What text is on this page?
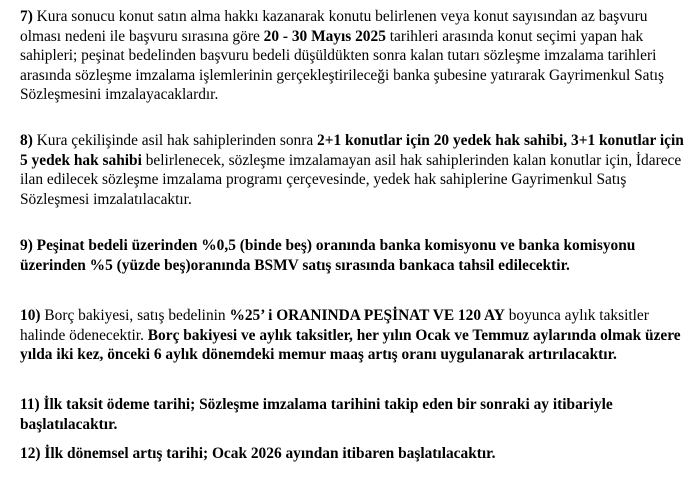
7) Kura sonucu konut satın alma hakkı kazanarak konutu belirlenen veya konut sayısından az başvuru olması nedeni ile başvuru sırasına göre 20 - 30 Mayıs 2025 tarihleri arasında konut seçimi yapan hak sahipleri; peşinat bedelinden başvuru bedeli düşüldükten sonra kalan tutarı sözleşme imzalama tarihleri arasında sözleşme imzalama işlemlerinin gerçekleştirileceği banka şubesine yatırarak Gayrimenkul Satış Sözleşmesini imzalayacaklardır.

8) Kura çekilişinde asil hak sahiplerinden sonra 2+1 konutlar için 20 yedek hak sahibi, 3+1 konutlar için 5 yedek hak sahibi belirlenecek, sözleşme imzalamayan asil hak sahiplerinden kalan konutlar için, İdarece ilan edilecek sözleşme imzalama programı çerçevesinde, yedek hak sahiplerine Gayrimenkul Satış Sözleşmesi imzalatılacaktır.

9) Peşinat bedeli üzerinden %0,5 (binde beş) oranında banka komisyonu ve banka komisyonu üzerinden %5 (yüzde beş)oranında BSMV satış sırasında bankaca tahsil edilecektir.

10) Borç bakiyesi, satış bedelinin %25’ i ORANINDA PEŞİNAT VE 120 AY boyunca aylık taksitler halinde ödenecektir. Borç bakiyesi ve aylık taksitler, her yılın Ocak ve Temmuz aylarında olmak üzere yılda iki kez, önceki 6 aylık dönemdeki memur maaş artış oranı uygulanarak artırılacaktır.

11) İlk taksit ödeme tarihi; Sözleşme imzalama tarihini takip eden bir sonraki ay itibariyle başlatılacaktır.

12) İlk dönemsel artış tarihi; Ocak 2026 ayından itibaren başlatılacaktır.
